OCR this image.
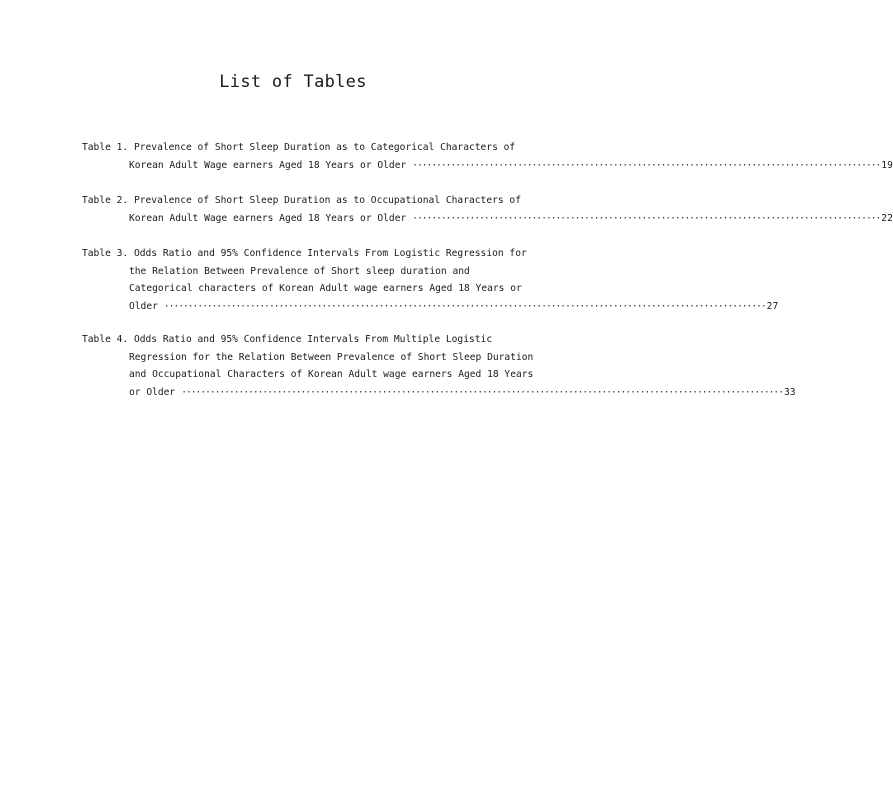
List of Tables
Table 1. Prevalence of Short Sleep Duration as to Categorical Characters of
Korean Adult Wage earners Aged 18 Years or Older ·································································································· 19
Table 2. Prevalence of Short Sleep Duration as to Occupational Characters of
Korean Adult Wage earners Aged 18 Years or Older ·································································································· 22
Table 3. Odds Ratio and 95% Confidence Intervals From Logistic Regression for
the Relation Between Prevalence of Short sleep duration and
Categorical characters of Korean Adult wage earners Aged 18 Years or
Older ······························································································································ 27
Table 4. Odds Ratio and 95% Confidence Intervals From Multiple Logistic
Regression for the Relation Between Prevalence of Short Sleep Duration
and Occupational Characters of Korean Adult wage earners Aged 18 Years
or Older ······························································································································ 33
